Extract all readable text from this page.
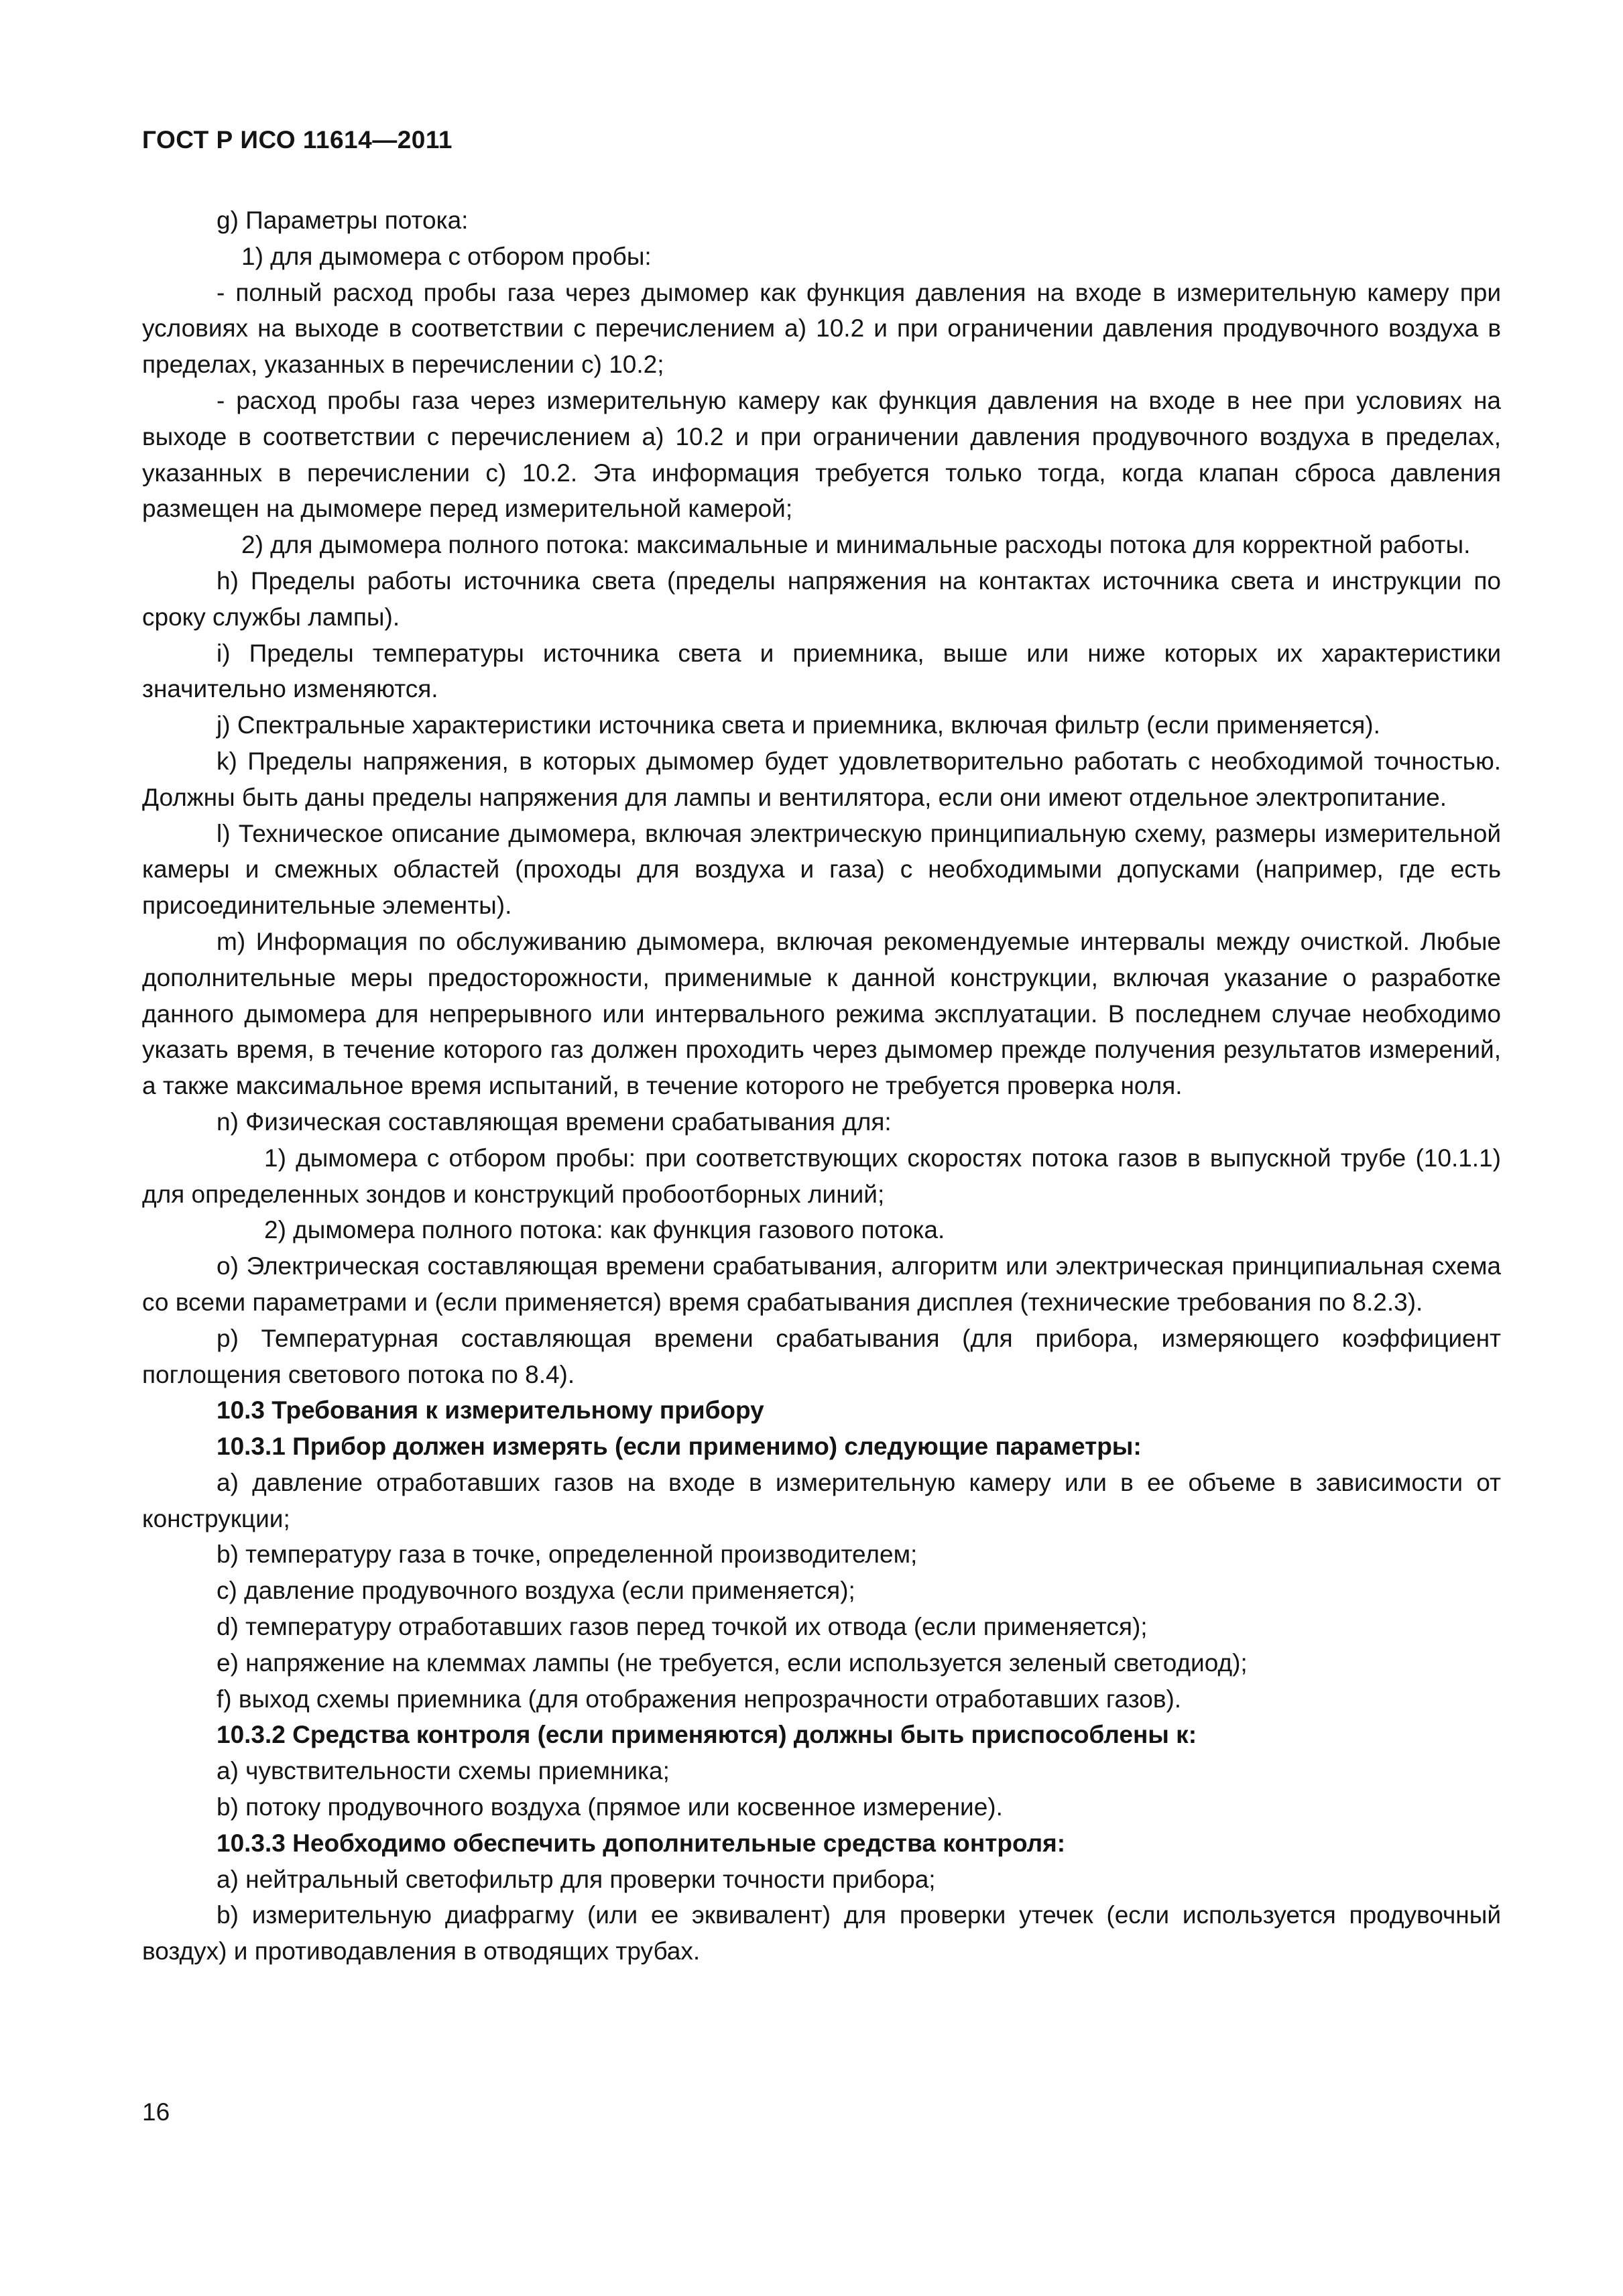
ГОСТ Р ИСО 11614—2011

g) Параметры потока:

1) для дымомера с отбором пробы:

- полный расход пробы газа через дымомер как функция давления на входе в измерительную камеру при условиях на выходе в соответствии с перечислением а) 10.2 и при ограничении давления продувочного воздуха в пределах, указанных в перечислении с) 10.2;

- расход пробы газа через измерительную камеру как функция давления на входе в нее при условиях на выходе в соответствии с перечислением а) 10.2 и при ограничении давления продувочного воздуха в пределах, указанных в перечислении с) 10.2. Эта информация требуется только тогда, когда клапан сброса давления размещен на дымомере перед измерительной камерой;

2) для дымомера полного потока: максимальные и минимальные расходы потока для корректной работы.

h) Пределы работы источника света (пределы напряжения на контактах источника света и инструкции по сроку службы лампы).

i) Пределы температуры источника света и приемника, выше или ниже которых их характеристики значительно изменяются.

j) Спектральные характеристики источника света и приемника, включая фильтр (если применяется).

k) Пределы напряжения, в которых дымомер будет удовлетворительно работать с необходимой точностью. Должны быть даны пределы напряжения для лампы и вентилятора, если они имеют отдельное электропитание.

l) Техническое описание дымомера, включая электрическую принципиальную схему, размеры измерительной камеры и смежных областей (проходы для воздуха и газа) с необходимыми допусками (например, где есть присоединительные элементы).

m) Информация по обслуживанию дымомера, включая рекомендуемые интервалы между очисткой. Любые дополнительные меры предосторожности, применимые к данной конструкции, включая указание о разработке данного дымомера для непрерывного или интервального режима эксплуатации. В последнем случае необходимо указать время, в течение которого газ должен проходить через дымомер прежде получения результатов измерений, а также максимальное время испытаний, в течение которого не требуется проверка ноля.

n) Физическая составляющая времени срабатывания для:

1) дымомера с отбором пробы: при соответствующих скоростях потока газов в выпускной трубе (10.1.1) для определенных зондов и конструкций пробоотборных линий;

2) дымомера полного потока: как функция газового потока.

o) Электрическая составляющая времени срабатывания, алгоритм или электрическая принципиальная схема со всеми параметрами и (если применяется) время срабатывания дисплея (технические требования по 8.2.3).

p) Температурная составляющая времени срабатывания (для прибора, измеряющего коэффициент поглощения светового потока по 8.4).

10.3 Требования к измерительному прибору

10.3.1 Прибор должен измерять (если применимо) следующие параметры:

a) давление отработавших газов на входе в измерительную камеру или в ее объеме в зависимости от конструкции;

b) температуру газа в точке, определенной производителем;

c) давление продувочного воздуха (если применяется);

d) температуру отработавших газов перед точкой их отвода (если применяется);

e) напряжение на клеммах лампы (не требуется, если используется зеленый светодиод);

f) выход схемы приемника (для отображения непрозрачности отработавших газов).

10.3.2 Средства контроля (если применяются) должны быть приспособлены к:

a) чувствительности схемы приемника;

b) потоку продувочного воздуха (прямое или косвенное измерение).

10.3.3 Необходимо обеспечить дополнительные средства контроля:

a) нейтральный светофильтр для проверки точности прибора;

b) измерительную диафрагму (или ее эквивалент) для проверки утечек (если используется продувочный воздух) и противодавления в отводящих трубах.

16
